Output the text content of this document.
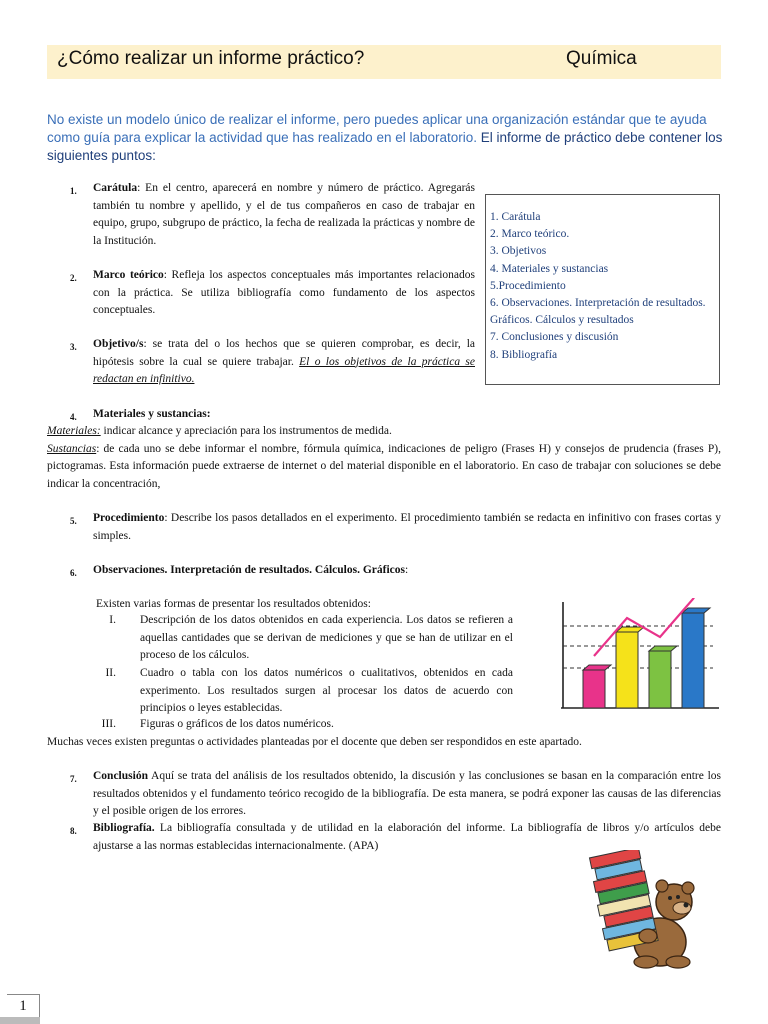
¿Cómo realizar un informe práctico?	Química
No existe un modelo único de realizar el informe, pero puedes aplicar una organización estándar que te ayuda como guía para explicar la actividad que has realizado en el laboratorio. El informe de práctico debe contener los siguientes puntos:
1.	Carátula: En el centro, aparecerá en nombre y número de práctico. Agregarás también tu nombre y apellido, y el de tus compañeros en caso de trabajar en equipo, grupo, subgrupo de práctico, la fecha de realizada la prácticas y nombre de la Institución.
2.	Marco teórico: Refleja los aspectos conceptuales más importantes relacionados con la práctica. Se utiliza bibliografía como fundamento de los aspectos conceptuales.
3.	Objetivo/s: se trata del o los hechos que se quieren comprobar, es decir, la hipótesis sobre la cual se quiere trabajar. El o los objetivos de la práctica se redactan en infinitivo.
1. Carátula
2. Marco teórico.
3. Objetivos
4. Materiales y sustancias
5.Procedimiento
6. Observaciones. Interpretación de resultados. Gráficos. Cálculos y resultados
7. Conclusiones y discusión
8. Bibliografía
4.	Materiales y sustancias:
Materiales: indicar alcance y apreciación para los instrumentos de medida.
Sustancias: de cada uno se debe informar el nombre, fórmula química, indicaciones de peligro (Frases H) y consejos de prudencia (frases P), pictogramas. Esta información puede extraerse de internet o del material disponible en el laboratorio. En caso de trabajar con soluciones se debe indicar la concentración,
5.	Procedimiento: Describe los pasos detallados en el experimento. El procedimiento también se redacta en infinitivo con frases cortas y simples.
6.	Observaciones. Interpretación de resultados. Cálculos. Gráficos:
Existen varias formas de presentar los resultados obtenidos:
I. Descripción de los datos obtenidos en cada experiencia. Los datos se refieren a aquellas cantidades que se derivan de mediciones y que se han de utilizar en el proceso de los cálculos.
II. Cuadro o tabla con los datos numéricos o cualitativos, obtenidos en cada experimento. Los resultados surgen al procesar los datos de acuerdo con principios o leyes establecidas.
III. Figuras o gráficos de los datos numéricos.
Muchas veces existen preguntas o actividades planteadas por el docente que deben ser respondidos en este apartado.
7.	Conclusión Aquí se trata del análisis de los resultados obtenido, la discusión y las conclusiones se basan en la comparación entre los resultados obtenidos y el fundamento teórico recogido de la bibliografía. De esta manera, se podrá exponer las causas de las diferencias y el posible origen de los errores.
8.	Bibliografía. La bibliografía consultada y de utilidad en la elaboración del informe. La bibliografía de libros y/o artículos debe ajustarse a las normas establecidas internacionalmente. (APA)
1
